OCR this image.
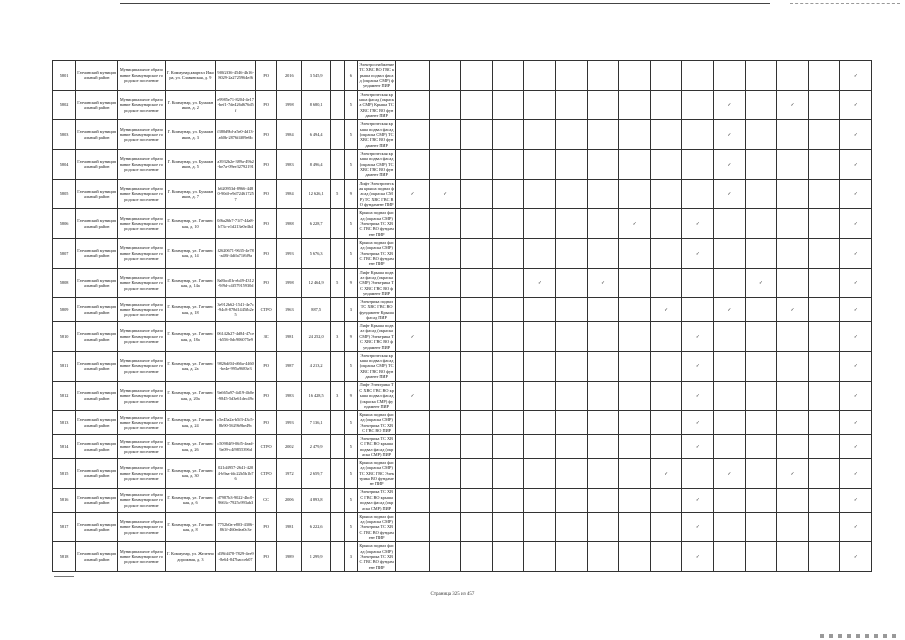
5801	Гатчинский муниципальный район	Муниципальное образование Коммунарское городское поселение	Г. Коммунар,квартал Ижора, ул. Славянская, д. 9	9f0f2f36-4546-4b16-8029-2a2725964ef6	РО	2016	3 545,9		6	Электроснабжение ТС ХВС ВО ГВС крыша подвал фасад (окраска СМР) фундамент ПИР															✓
5802	Гатчинский муниципальный район	Муниципальное образование Коммунарское городское поселение	Г. Коммунар, ул. Бумажников, д. 2	e9985e71-8204-4e17-bef1-7de426d676d5f	РО	1998	8 680,1		5	Электрическая крыша фасад (окраска СМР) Крыша ТС ХВС ГВС ВО фундамент ПИР											✓		✓		✓
5803	Гатчинский муниципальный район	Муниципальное образование Коммунарское городское поселение	Г. Коммунар, ул. Бумажников, д. 3	f380d9bf-a5e0-4d13-a60b-2876f4f09e6b	РО	1984	6 494,4		5	Электрическая крыша подвал фасад (окраска СМР) ТС ХВС ГВС ВО фундамент ПИР											✓				✓
5804	Гатчинский муниципальный район	Муниципальное образование Коммунарское городское поселение	Г. Коммунар, ул. Бумажников, д. 5	a3932b2e-389a-49b2-be7a-09ee32792191	РО	1983	8 496,4		5	Электрическая крыша подвал фасад (окраска СМР) ТС ХВС ГВС ВО фундамент ПИР											✓				✓
5805	Гатчинский муниципальный район	Муниципальное образование Коммунарское городское поселение	Г. Коммунар, ул. Бумажников, д. 7	b620953d-8966-4480-90df-e9d724617257	РО	1984	12 626,1	5	9	Лифт Электрическая крыша подвал фасад (окраска СМР) ТС ХВС ГВС ВО фундамент ПИР	✓	✓									✓				✓
5806	Гатчинский муниципальный район	Муниципальное образование Коммунарское городское поселение	Г. Коммунар, ул. Гатчинская, д. 10	0f6a26b7-71f7-44a8-b73c-e1d213e0e4b4	РО	1988	6 228,7		5	Крыша подвал фасад (окраска СМР) Электрика ТС ХВС ГВС ВО фундамент ПИР								✓		✓					✓
5807	Гатчинский муниципальный район	Муниципальное образование Коммунарское городское поселение	Г. Коммунар, ул. Гатчинская, д. 14	f2620671-9635-4e78-a48f-4dffa71f6f9a	РО	1993	5 676,3		5	Крыша подвал фасад (окраска СМР) Электрика ТС ХВС ГВС ВО фундамент ПИР										✓					✓
5808	Гатчинский муниципальный район	Муниципальное образование Коммунарское городское поселение	Г. Коммунар, ул. Гатчинская, д. 14а	8a8bcd1b-eb49-4312-9f9d-c4f57915930d	РО	1998	12 464,9	5	9	Лифт Крыша подвал фасад (окраска СМР) Электрика ТС ХВС ГВС ВО фундамент ПИР					✓		✓					✓			✓
5809	Гатчинский муниципальный район	Муниципальное образование Коммунарское городское поселение	Г. Коммунар, ул. Гатчинская, д. 18	3e912b62-1541-4e7c-94c8-878d1445fb2e5	СТРО	1963	887,5		3	Электрика подвал ТС ХВС ГВС ВО фундамент Крыша фасад ПИР									✓		✓		✓		✓
5810	Гатчинский муниципальный район	Муниципальное образование Коммунарское городское поселение	Г. Коммунар, ул. Гатчинская, д. 18а	06142b27-4d84-47ce-b556-0dc906075e9	ЗС	1981	24 252,0	3	9	Лифт Крыша подвал фасад (окраска СМР) Электрика ТС ХВС ГВС ВО фундамент ПИР	✓									✓					✓
5811	Гатчинский муниципальный район	Муниципальное образование Коммунарское городское поселение	Г. Коммунар, ул. Гатчинская, д. 2а	9826df04-d66a-4460-be4e-995a9683e3	РО	1987	4 213,2		5	Электрическая крыша подвал фасад (окраска СМР) ТС ХВС ГВС ВО фундамент ПИР										✓					✓
5812	Гатчинский муниципальный район	Муниципальное образование Коммунарское городское поселение	Г. Коммунар, ул. Гатчинская, д. 20а	9a665a97-4d19-4b0e-9845-5d3e61dec49c	РО	1983	16 428,5	3	9	Лифт Электрика ТС ХВС ГВС ВО крыша подвал фасад (окраска СМР) фундамент ПИР	✓									✓					✓
5813	Гатчинский муниципальный район	Муниципальное образование Коммунарское городское поселение	Г. Коммунар, ул. Гатчинская, д. 24	c5e45a2a-b5f3-43c5-8b90-5629b9be49c	РО	1993	7 136,1		5	Крыша подвал фасад (окраска СМР) Электрика ТС ХВС ГВС ВО ПИР										✓					✓
5814	Гатчинский муниципальный район	Муниципальное образование Коммунарское городское поселение	Г. Коммунар, ул. Гатчинская, д. 26	c50984f9-06f5-4ead-9a09-c4f9855396d	СТРО	2002	2 479,9		5	Электрика ТС ХВС ГВС ВО крыша подвал фасад (окраска СМР) ПИР										✓					✓
5815	Гатчинский муниципальный район	Муниципальное образование Коммунарское городское поселение	Г. Коммунар, ул. Гатчинская, д. 30	021d4957-2641-4204-b9aa-fdc22b5b1b76	СТРО	1972	2 659,7		5	Крыша подвал фасад (окраска СМР) ТС ХВС ГВС Электрика ВО фундамент ПИР									✓		✓		✓		✓
5816	Гатчинский муниципальный район	Муниципальное образование Коммунарское городское поселение	Г. Коммунар, ул. Гатчинская, д. 6	d7987b3-9022-4bc0-9663c-7925c993ab3	СС	2006	4 893,8		5	Электрика ТС ХВС ГВС ВО крыша подвал фасад (окраска СМР) ПИР										✓					✓
5817	Гатчинский муниципальный район	Муниципальное образование Коммунарское городское поселение	Г. Коммунар, ул. Гатчинская, д. 8	7752b0a-e803-4306-861f-460edea0c3e	РО	1981	6 222,6		5	Крыша подвал фасад (окраска СМР) Электрика ТС ХВС ГВС ВО фундамент ПИР										✓					✓
5818	Гатчинский муниципальный район	Муниципальное образование Коммунарское городское поселение	Г. Коммунар, ул. Железнодорожная, д. 3	d39fd478-7829-4ee9-8e64-847bacceb07	РО	1989	1 299,9		3	Крыша подвал фасад (окраска СМР) Электрика ТС ХВС ГВС ВО фундамент ПИР										✓					✓
Страница 325 из 457
